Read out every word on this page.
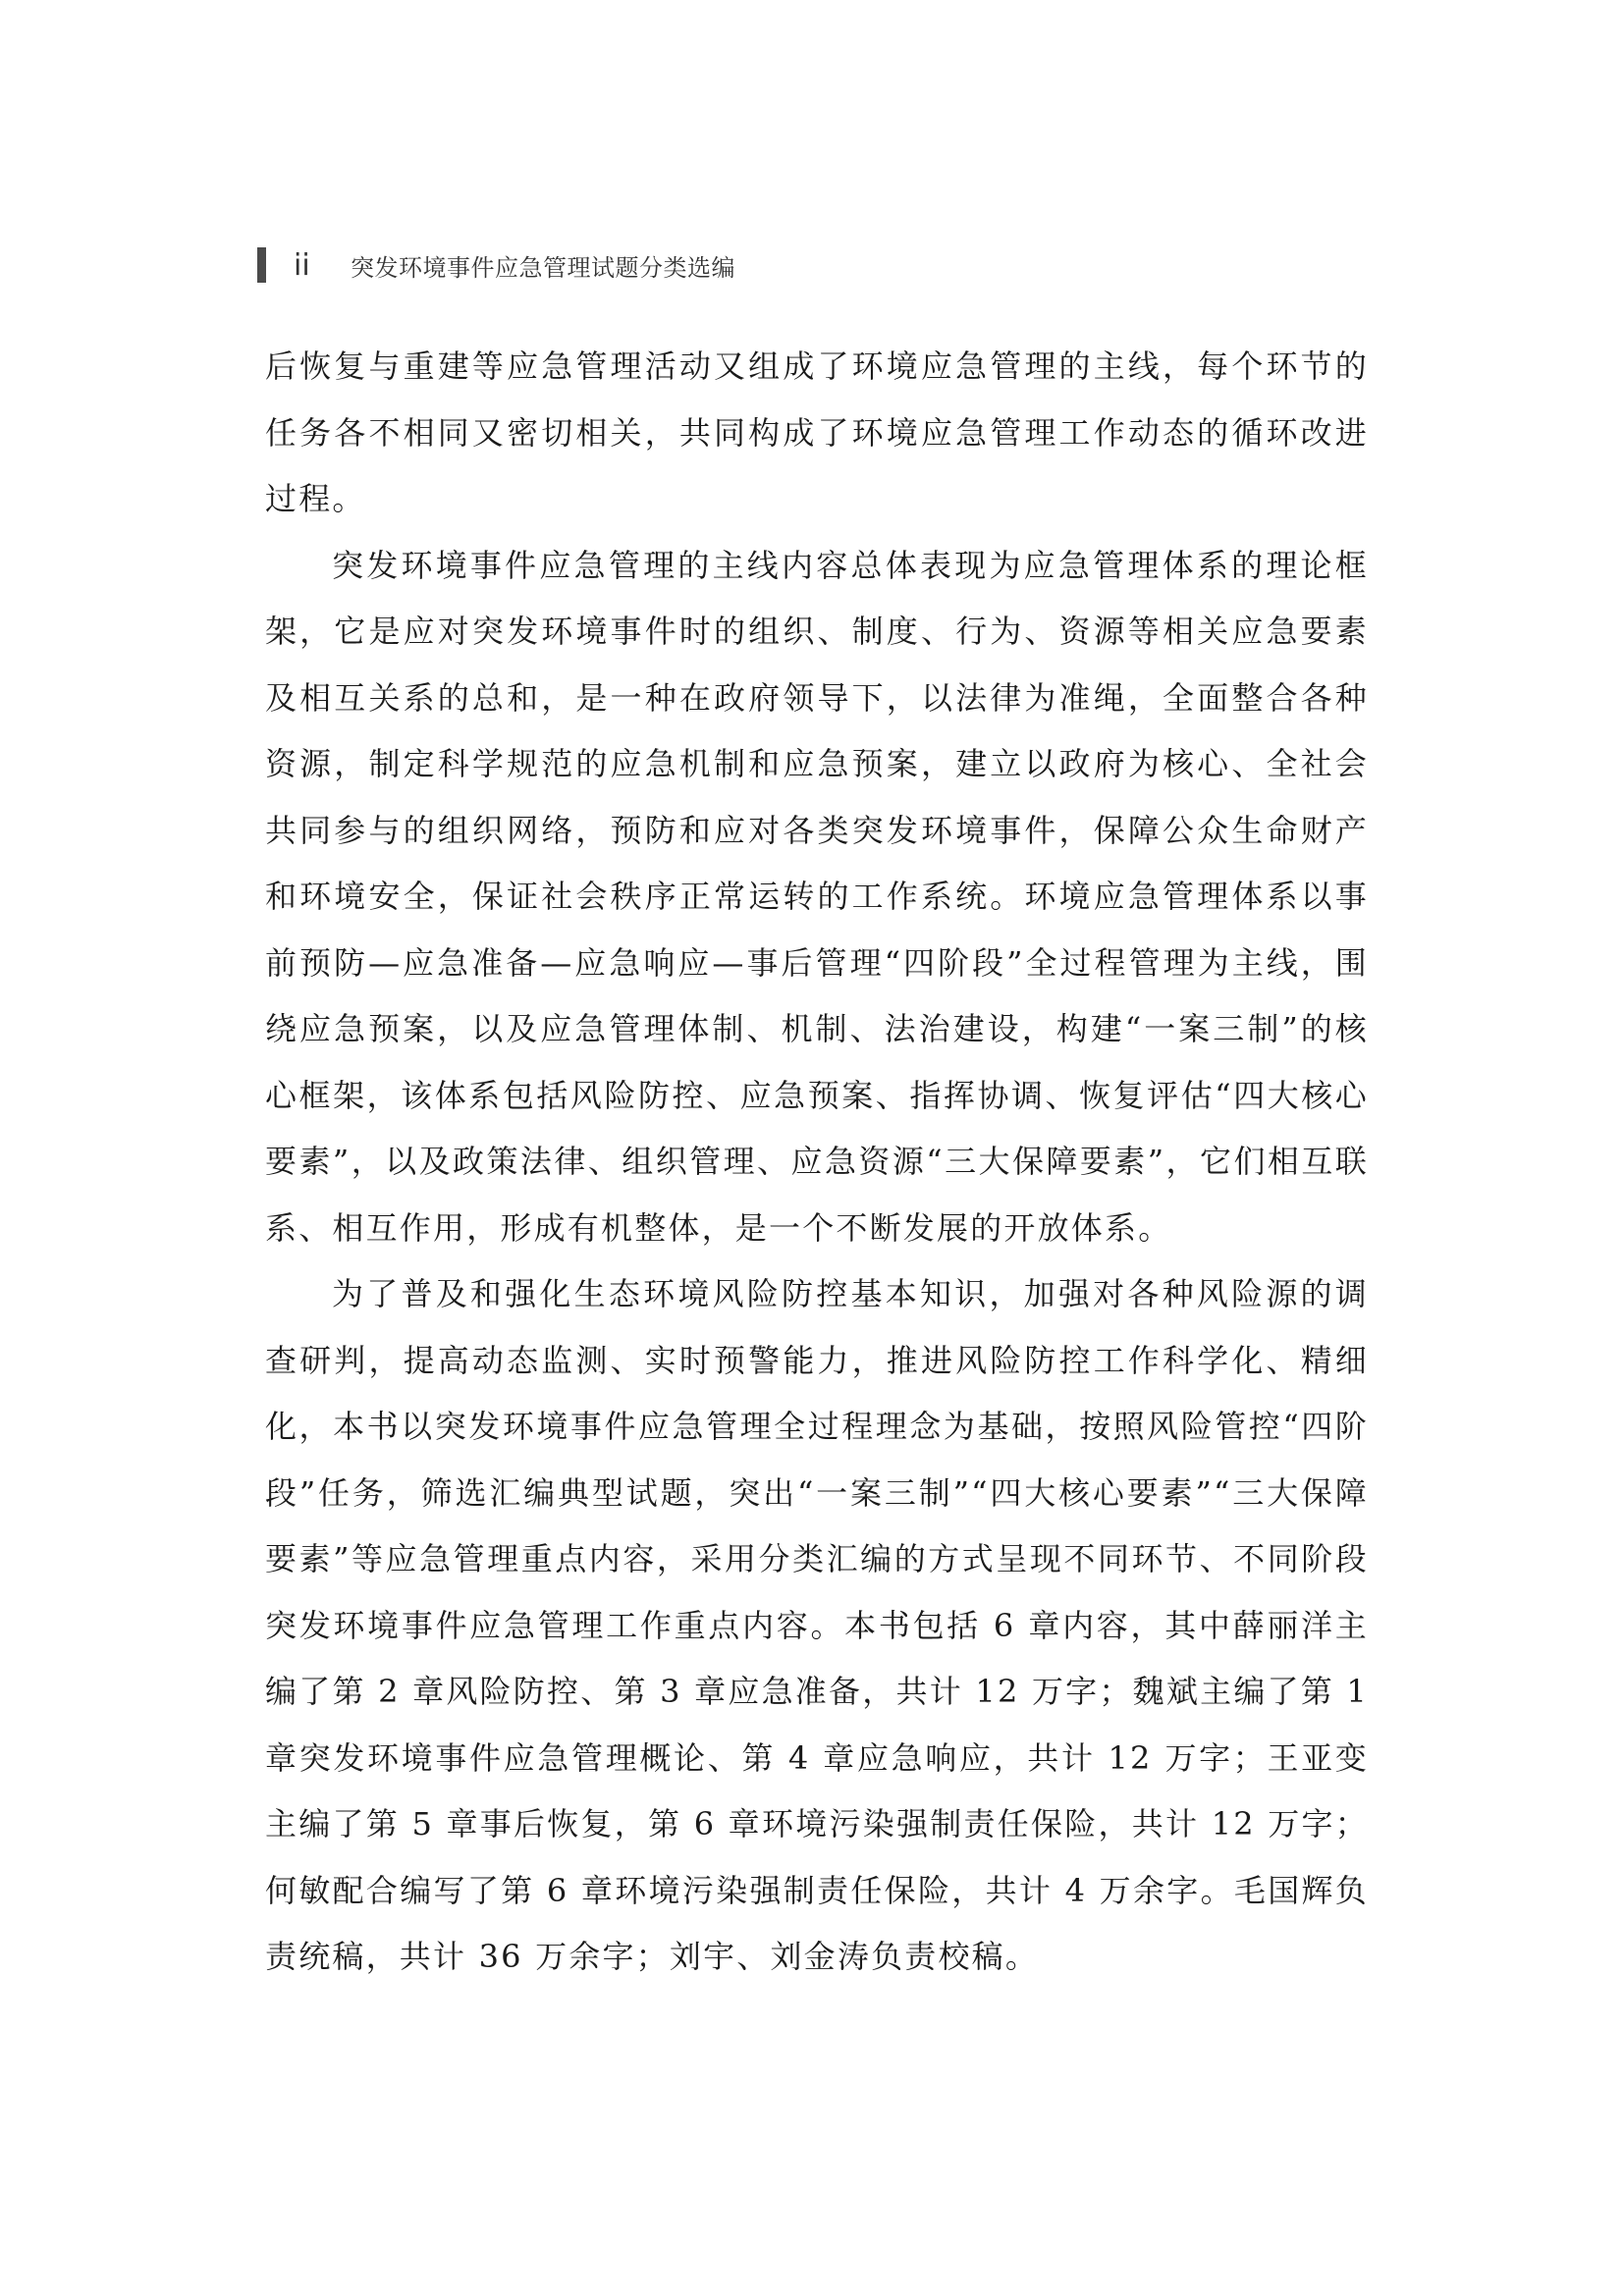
ii	突发环境事件应急管理试题分类选编

后恢复与重建等应急管理活动又组成了环境应急管理的主线，每个环节的任务各不相同又密切相关，共同构成了环境应急管理工作动态的循环改进过程。

突发环境事件应急管理的主线内容总体表现为应急管理体系的理论框架，它是应对突发环境事件时的组织、制度、行为、资源等相关应急要素及相互关系的总和，是一种在政府领导下，以法律为准绳，全面整合各种资源，制定科学规范的应急机制和应急预案，建立以政府为核心、全社会共同参与的组织网络，预防和应对各类突发环境事件，保障公众生命财产和环境安全，保证社会秩序正常运转的工作系统。环境应急管理体系以事前预防—应急准备—应急响应—事后管理“四阶段”全过程管理为主线，围绕应急预案，以及应急管理体制、机制、法治建设，构建“一案三制”的核心框架，该体系包括风险防控、应急预案、指挥协调、恢复评估“四大核心要素”，以及政策法律、组织管理、应急资源“三大保障要素”，它们相互联系、相互作用，形成有机整体，是一个不断发展的开放体系。

为了普及和强化生态环境风险防控基本知识，加强对各种风险源的调查研判，提高动态监测、实时预警能力，推进风险防控工作科学化、精细化，本书以突发环境事件应急管理全过程理念为基础，按照风险管控“四阶段”任务，筛选汇编典型试题，突出“一案三制”“四大核心要素”“三大保障要素”等应急管理重点内容，采用分类汇编的方式呈现不同环节、不同阶段突发环境事件应急管理工作重点内容。本书包括 6 章内容，其中薛丽洋主编了第 2 章风险防控、第 3 章应急准备，共计 12 万字；魏斌主编了第 1 章突发环境事件应急管理概论、第 4 章应急响应，共计 12 万字；王亚变主编了第 5 章事后恢复，第 6 章环境污染强制责任保险，共计 12 万字；何敏配合编写了第 6 章环境污染强制责任保险，共计 4 万余字。毛国辉负责统稿，共计 36 万余字；刘宇、刘金涛负责校稿。
